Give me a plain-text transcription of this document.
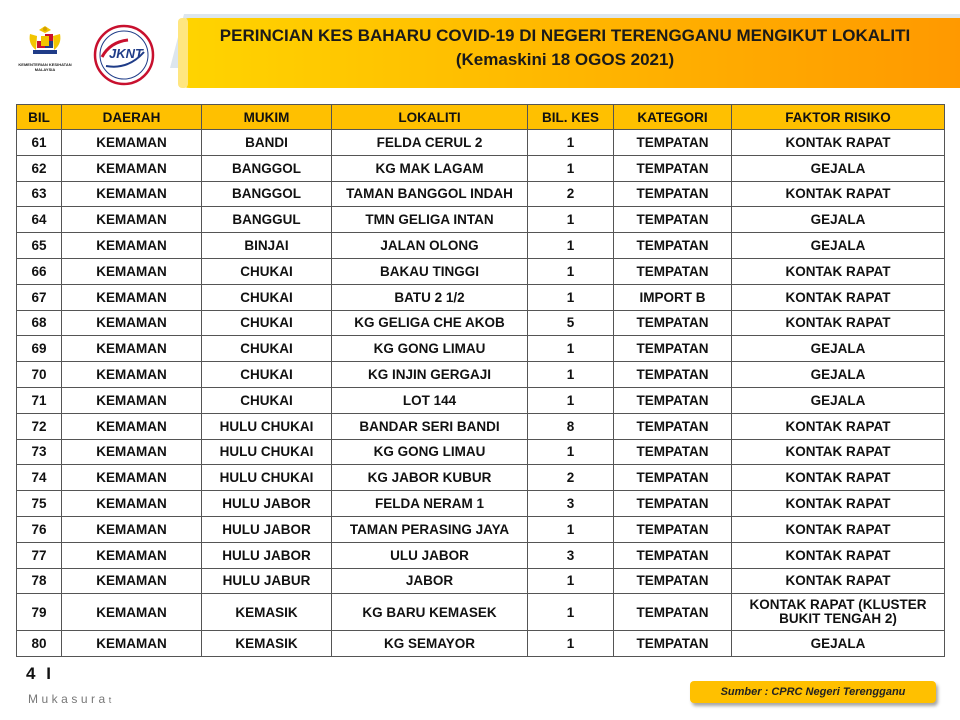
KEMENTERIAN KESIHATAN MALAYSIA
JKNT
PERINCIAN KES BAHARU COVID-19 DI NEGERI TERENGGANU MENGIKUT LOKALITI
(Kemaskini 18 OGOS 2021)
BIL	DAERAH	MUKIM	LOKALITI	BIL. KES	KATEGORI	FAKTOR RISIKO
61	KEMAMAN	BANDI	FELDA CERUL 2	1	TEMPATAN	KONTAK RAPAT
62	KEMAMAN	BANGGOL	KG MAK LAGAM	1	TEMPATAN	GEJALA
63	KEMAMAN	BANGGOL	TAMAN BANGGOL INDAH	2	TEMPATAN	KONTAK RAPAT
64	KEMAMAN	BANGGUL	TMN GELIGA INTAN	1	TEMPATAN	GEJALA
65	KEMAMAN	BINJAI	JALAN OLONG	1	TEMPATAN	GEJALA
66	KEMAMAN	CHUKAI	BAKAU TINGGI	1	TEMPATAN	KONTAK RAPAT
67	KEMAMAN	CHUKAI	BATU 2 1/2	1	IMPORT B	KONTAK RAPAT
68	KEMAMAN	CHUKAI	KG GELIGA CHE AKOB	5	TEMPATAN	KONTAK RAPAT
69	KEMAMAN	CHUKAI	KG GONG LIMAU	1	TEMPATAN	GEJALA
70	KEMAMAN	CHUKAI	KG INJIN GERGAJI	1	TEMPATAN	GEJALA
71	KEMAMAN	CHUKAI	LOT 144	1	TEMPATAN	GEJALA
72	KEMAMAN	HULU CHUKAI	BANDAR SERI BANDI	8	TEMPATAN	KONTAK RAPAT
73	KEMAMAN	HULU CHUKAI	KG GONG LIMAU	1	TEMPATAN	KONTAK RAPAT
74	KEMAMAN	HULU CHUKAI	KG JABOR KUBUR	2	TEMPATAN	KONTAK RAPAT
75	KEMAMAN	HULU JABOR	FELDA NERAM 1	3	TEMPATAN	KONTAK RAPAT
76	KEMAMAN	HULU JABOR	TAMAN PERASING JAYA	1	TEMPATAN	KONTAK RAPAT
77	KEMAMAN	HULU JABOR	ULU JABOR	3	TEMPATAN	KONTAK RAPAT
78	KEMAMAN	HULU JABUR	JABOR	1	TEMPATAN	KONTAK RAPAT
79	KEMAMAN	KEMASIK	KG BARU KEMASEK	1	TEMPATAN	KONTAK RAPAT (KLUSTER BUKIT TENGAH 2)
80	KEMAMAN	KEMASIK	KG SEMAYOR	1	TEMPATAN	GEJALA
4 I
Mukasurat
Sumber : CPRC Negeri Terengganu
